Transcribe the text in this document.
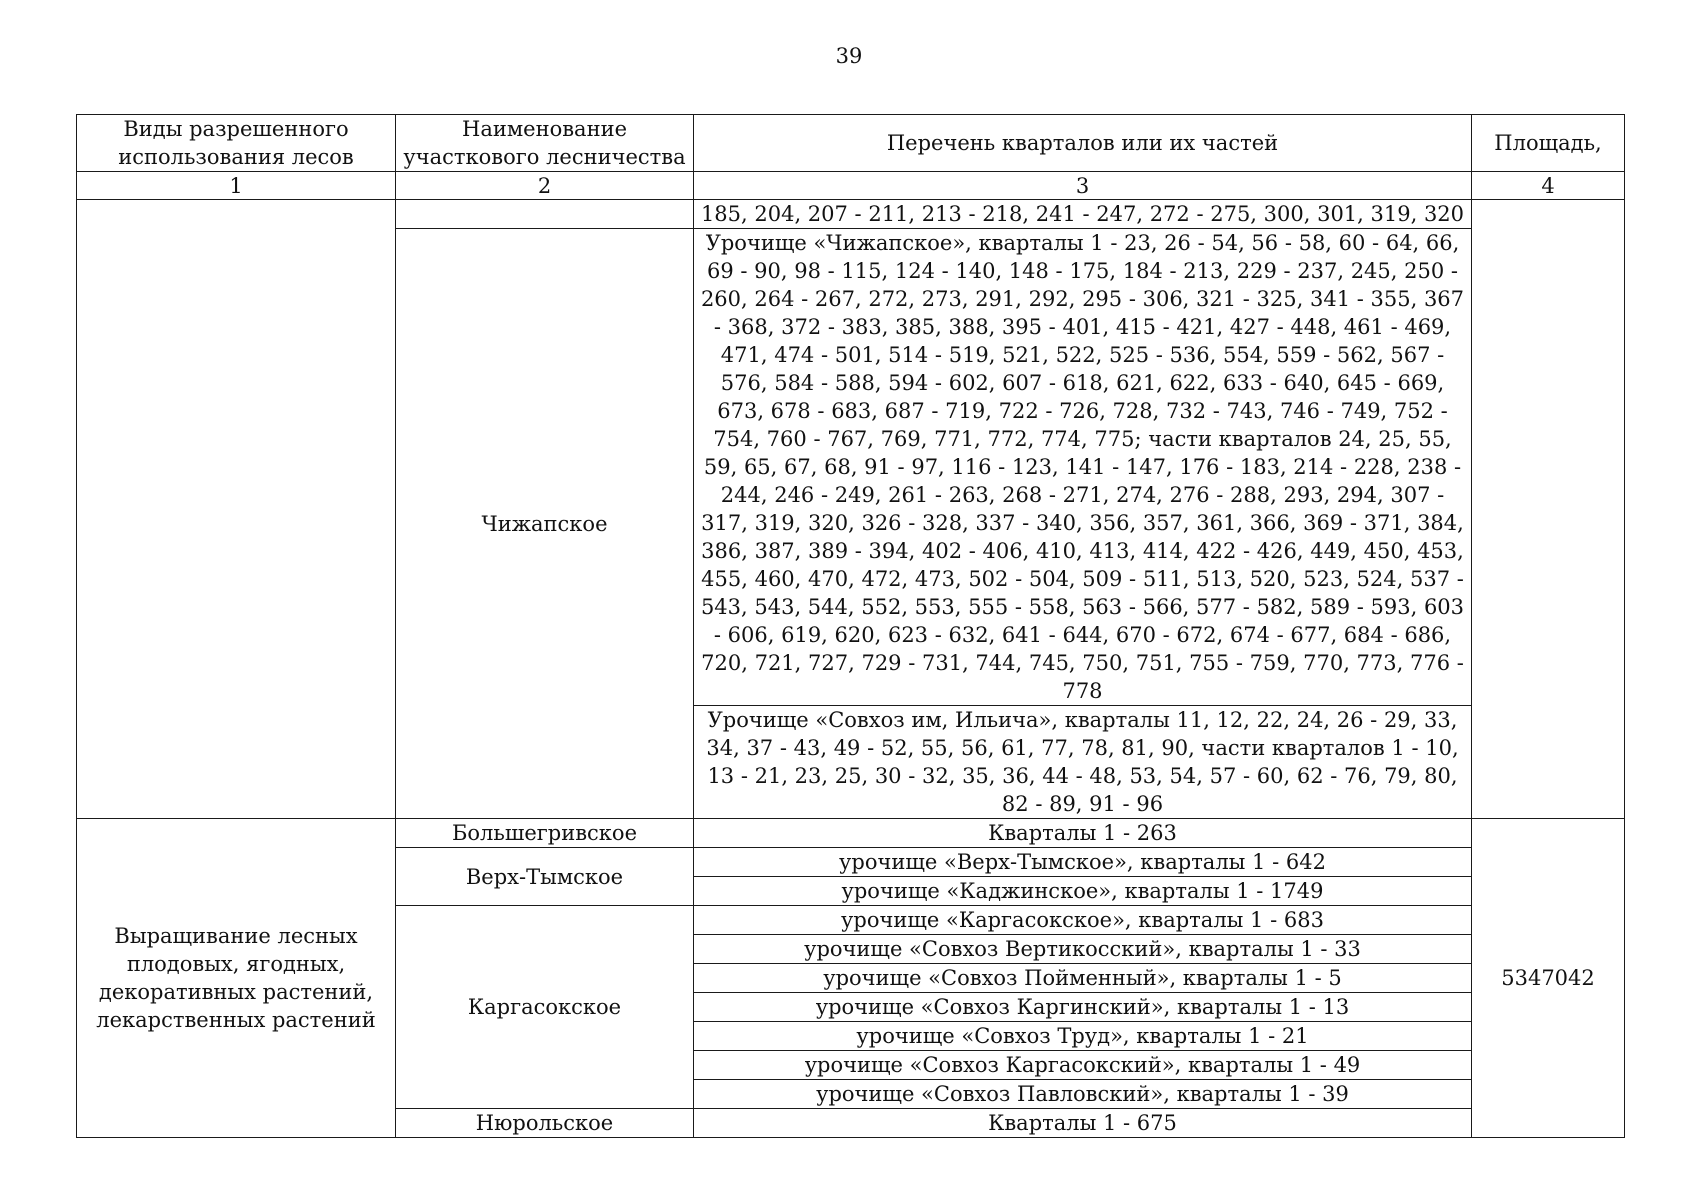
39
Виды разрешенного использования лесов	Наименование участкового лесничества	Перечень кварталов или их частей	Площадь,
1	2	3	4
		185, 204, 207 - 211, 213 - 218, 241 - 247, 272 - 275, 300, 301, 319, 320	
	Чижапское	Урочище «Чижапское», кварталы 1 - 23, 26 - 54, 56 - 58, 60 - 64, 66, 69 - 90, 98 - 115, 124 - 140, 148 - 175, 184 - 213, 229 - 237, 245, 250 - 260, 264 - 267, 272, 273, 291, 292, 295 - 306, 321 - 325, 341 - 355, 367 - 368, 372 - 383, 385, 388, 395 - 401, 415 - 421, 427 - 448, 461 - 469, 471, 474 - 501, 514 - 519, 521, 522, 525 - 536, 554, 559 - 562, 567 - 576, 584 - 588, 594 - 602, 607 - 618, 621, 622, 633 - 640, 645 - 669, 673, 678 - 683, 687 - 719, 722 - 726, 728, 732 - 743, 746 - 749, 752 - 754, 760 - 767, 769, 771, 772, 774, 775; части кварталов 24, 25, 55, 59, 65, 67, 68, 91 - 97, 116 - 123, 141 - 147, 176 - 183, 214 - 228, 238 - 244, 246 - 249, 261 - 263, 268 - 271, 274, 276 - 288, 293, 294, 307 - 317, 319, 320, 326 - 328, 337 - 340, 356, 357, 361, 366, 369 - 371, 384, 386, 387, 389 - 394, 402 - 406, 410, 413, 414, 422 - 426, 449, 450, 453, 455, 460, 470, 472, 473, 502 - 504, 509 - 511, 513, 520, 523, 524, 537 - 543, 543, 544, 552, 553, 555 - 558, 563 - 566, 577 - 582, 589 - 593, 603 - 606, 619, 620, 623 - 632, 641 - 644, 670 - 672, 674 - 677, 684 - 686, 720, 721, 727, 729 - 731, 744, 745, 750, 751, 755 - 759, 770, 773, 776 - 778	
		Урочище «Совхоз им, Ильича», кварталы 11, 12, 22, 24, 26 - 29, 33, 34, 37 - 43, 49 - 52, 55, 56, 61, 77, 78, 81, 90, части кварталов 1 - 10, 13 - 21, 23, 25, 30 - 32, 35, 36, 44 - 48, 53, 54, 57 - 60, 62 - 76, 79, 80, 82 - 89, 91 - 96	
Выращивание лесных плодовых, ягодных, декоративных растений, лекарственных растений	Большегривское	Кварталы 1 - 263	5347042
	Верх-Тымское	урочище «Верх-Тымское», кварталы 1 - 642	
		урочище «Каджинское», кварталы 1 - 1749	
	Каргасокское	урочище «Каргасокское», кварталы 1 - 683	
		урочище «Совхоз Вертикосский», кварталы 1 - 33	
		урочище «Совхоз Пойменный», кварталы 1 - 5	
		урочище «Совхоз Каргинский», кварталы 1 - 13	
		урочище «Совхоз Труд», кварталы 1 - 21	
		урочище «Совхоз Каргасокский», кварталы 1 - 49	
		урочище «Совхоз Павловский», кварталы 1 - 39	
	Нюрольское	Кварталы 1 - 675	
